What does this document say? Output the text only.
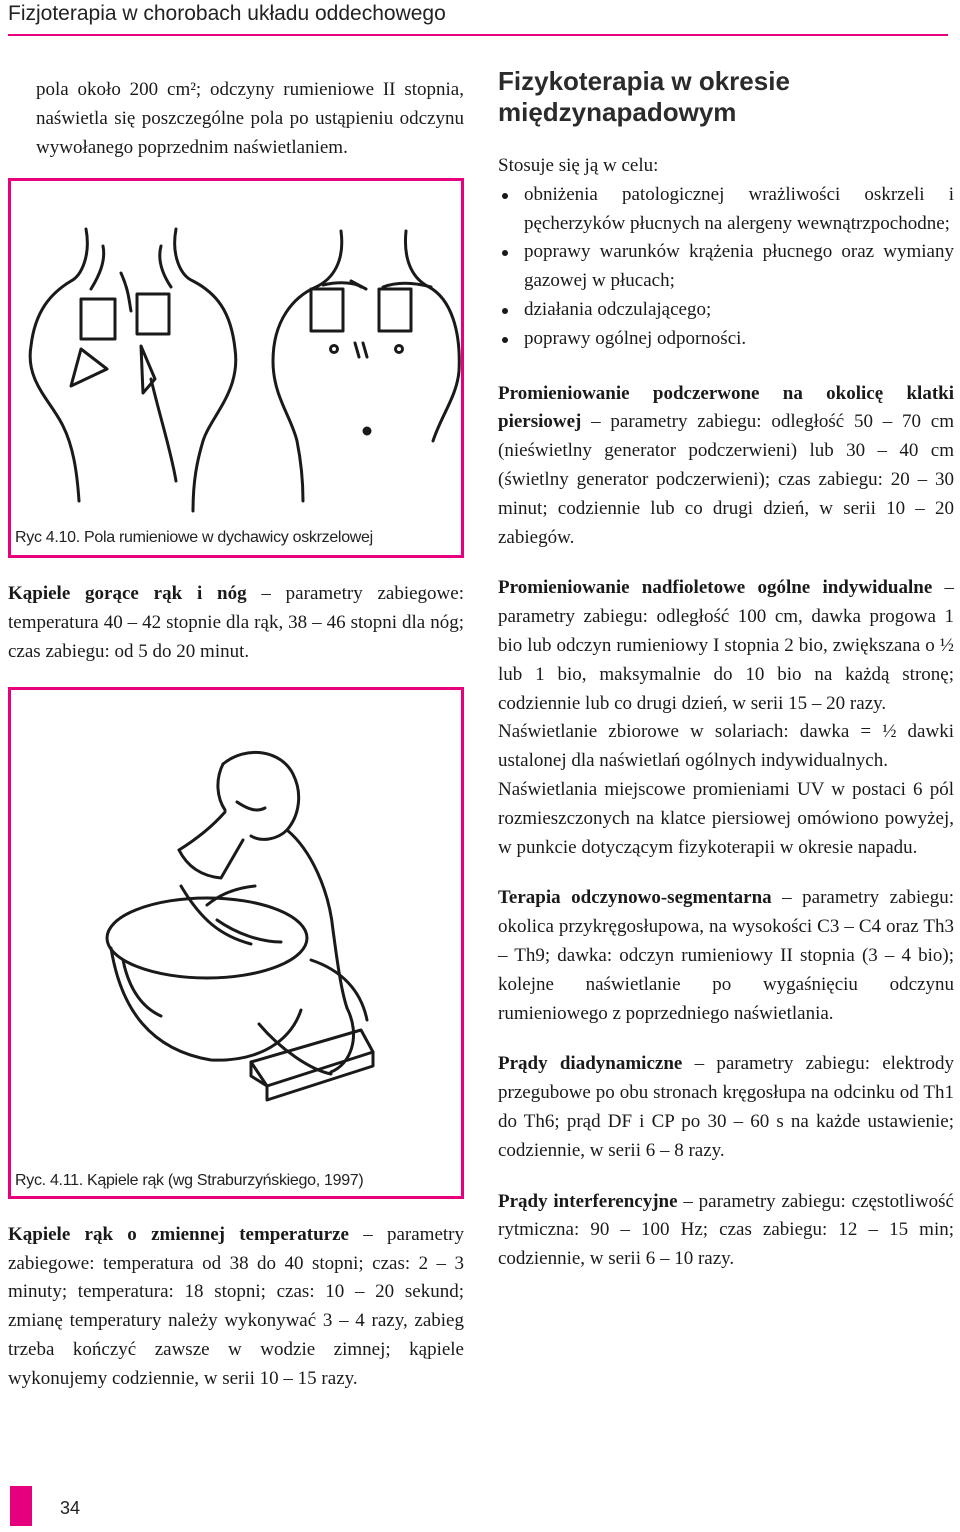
Fizjoterapia w chorobach układu oddechowego

pola około 200 cm²; odczyny rumieniowe II stopnia, naświetla się poszczególne pola po ustąpieniu odczynu wywołanego poprzednim naświetlaniem.

Ryc 4.10. Pola rumieniowe w dychawicy oskrzelowej

Kąpiele gorące rąk i nóg – parametry zabiegowe: temperatura 40 – 42 stopnie dla rąk, 38 – 46 stopni dla nóg; czas zabiegu: od 5 do 20 minut.

Ryc. 4.11. Kąpiele rąk (wg Straburzyńskiego, 1997)

Kąpiele rąk o zmiennej temperaturze – parametry zabiegowe: temperatura od 38 do 40 stopni; czas: 2 – 3 minuty; temperatura: 18 stopni; czas: 10 – 20 sekund; zmianę temperatury należy wykonywać 3 – 4 razy, zabieg trzeba kończyć zawsze w wodzie zimnej; kąpiele wykonujemy codziennie, w serii 10 – 15 razy.

Fizykoterapia w okresie międzynapadowym

Stosuje się ją w celu:

obniżenia patologicznej wrażliwości oskrzeli i pęcherzyków płucnych na alergeny wewnątrzpochodne;
poprawy warunków krążenia płucnego oraz wymiany gazowej w płucach;
działania odczulającego;
poprawy ogólnej odporności.

Promieniowanie podczerwone na okolicę klatki piersiowej – parametry zabiegu: odległość 50 – 70 cm (nieświetlny generator podczerwieni) lub 30 – 40 cm (świetlny generator podczerwieni); czas zabiegu: 20 – 30 minut; codziennie lub co drugi dzień, w serii 10 – 20 zabiegów.

Promieniowanie nadfioletowe ogólne indywidualne – parametry zabiegu: odległość 100 cm, dawka progowa 1 bio lub odczyn rumieniowy I stopnia 2 bio, zwiększana o ½ lub 1 bio, maksymalnie do 10 bio na każdą stronę; codziennie lub co drugi dzień, w serii 15 – 20 razy.

Naświetlanie zbiorowe w solariach: dawka = ½ dawki ustalonej dla naświetlań ogólnych indywidualnych.

Naświetlania miejscowe promieniami UV w postaci 6 pól rozmieszczonych na klatce piersiowej omówiono powyżej, w punkcie dotyczącym fizykoterapii w okresie napadu.

Terapia odczynowo-segmentarna – parametry zabiegu: okolica przykręgosłupowa, na wysokości C3 – C4 oraz Th3 – Th9; dawka: odczyn rumieniowy II stopnia (3 – 4 bio); kolejne naświetlanie po wygaśnięciu odczynu rumieniowego z poprzedniego naświetlania.

Prądy diadynamiczne – parametry zabiegu: elektrody przegubowe po obu stronach kręgosłupa na odcinku od Th1 do Th6; prąd DF i CP po 30 – 60 s na każde ustawienie; codziennie, w serii 6 – 8 razy.

Prądy interferencyjne – parametry zabiegu: częstotliwość rytmiczna: 90 – 100 Hz; czas zabiegu: 12 – 15 min; codziennie, w serii 6 – 10 razy.

34
